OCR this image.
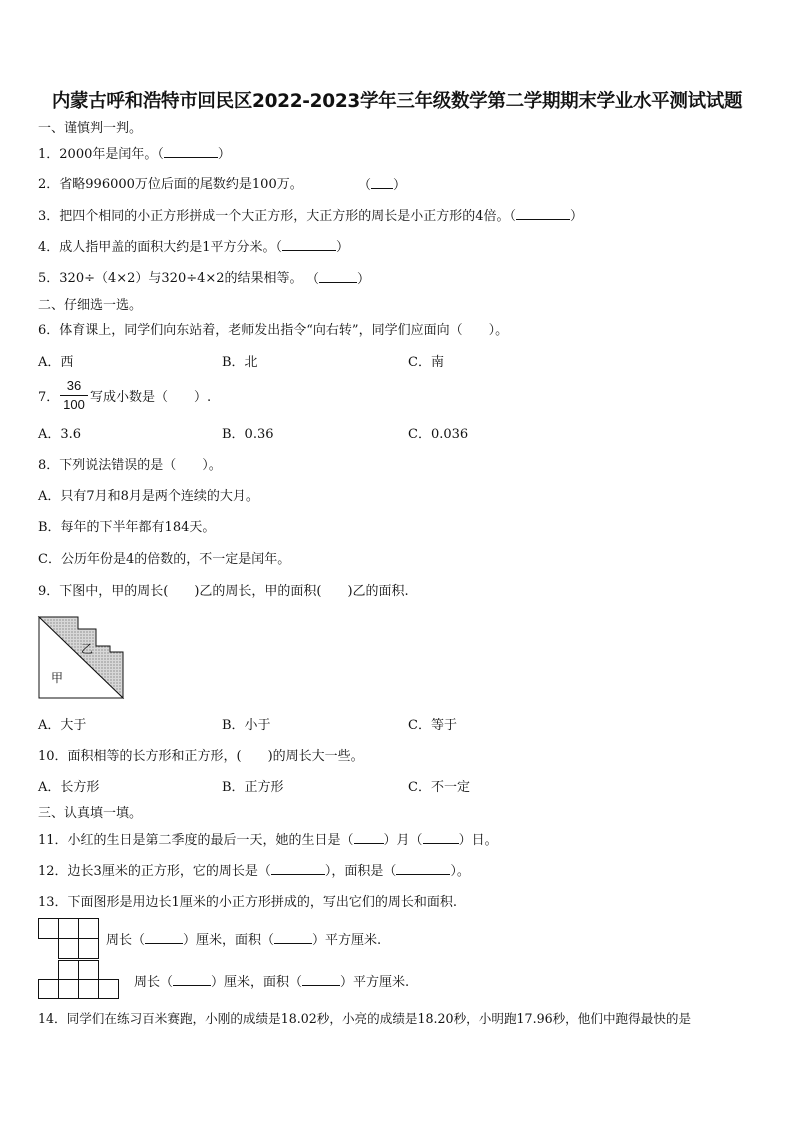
内蒙古呼和浩特市回民区2022-2023学年三年级数学第二学期期末学业水平测试试题
一、谨慎判一判。
1．2000年是闰年。（	）
2．省略996000万位后面的尾数约是100万。	（ ）
3．把四个相同的小正方形拼成一个大正方形，大正方形的周长是小正方形的4倍。（	）
4．成人指甲盖的面积大约是1平方分米。（	）
5．320÷（4×2）与320÷4×2的结果相等。 （	）
二、仔细选一选。
6．体育课上，同学们向东站着，老师发出指令“向右转”，同学们应面向（　　）。
A．西	B．北	C．南
7．
36
100 写成小数是（　　）.
A．3.6	B．0.36	C．0.036
8．下列说法错误的是（　　）。
A．只有7月和8月是两个连续的大月。
B．每年的下半年都有184天。
C．公历年份是4的倍数的，不一定是闰年。
9．下图中，甲的周长(　　)乙的周长，甲的面积(　　)乙的面积.
乙
甲
A．大于	B．小于	C．等于
10．面积相等的长方形和正方形，(　　)的周长大一些。
A．长方形	B．正方形	C．不一定
三、认真填一填。
11．小红的生日是第二季度的最后一天，她的生日是（ ）月（	）日。
12．边长3厘米的正方形，它的周长是（	），面积是（	）。
13．下面图形是用边长1厘米的小正方形拼成的，写出它们的周长和面积.
周长（	）厘米，面积（	）平方厘米.
周长（	）厘米，面积（	）平方厘米.
14．同学们在练习百米赛跑，小刚的成绩是18.02秒，小亮的成绩是18.20秒，小明跑17.96秒，他们中跑得最快的是
